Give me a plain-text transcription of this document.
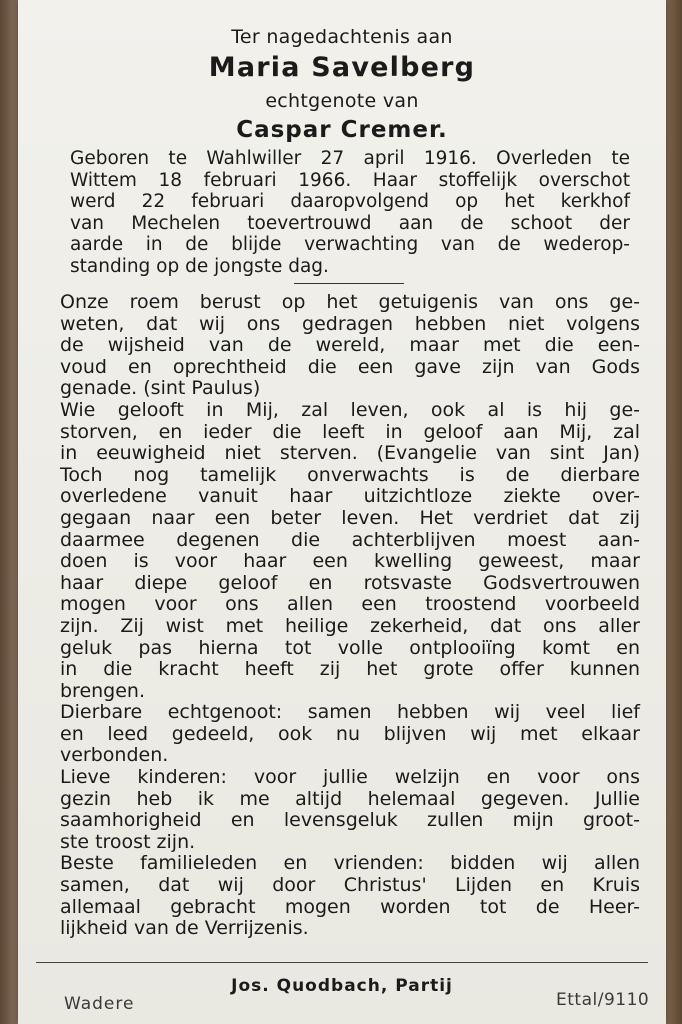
Ter nagedachtenis aan
Maria Savelberg
echtgenote van
Caspar Cremer.
Geboren te Wahlwiller 27 april 1916. Overleden te
Wittem 18 februari 1966. Haar stoffelijk overschot
werd 22 februari daaropvolgend op het kerkhof
van Mechelen toevertrouwd aan de schoot der
aarde in de blijde verwachting van de wederop-
standing op de jongste dag.
Onze roem berust op het getuigenis van ons ge-
weten, dat wij ons gedragen hebben niet volgens
de wijsheid van de wereld, maar met die een-
voud en oprechtheid die een gave zijn van Gods
genade. (sint Paulus)
Wie gelooft in Mij, zal leven, ook al is hij ge-
storven, en ieder die leeft in geloof aan Mij, zal
in eeuwigheid niet sterven. (Evangelie van sint Jan)
Toch nog tamelijk onverwachts is de dierbare
overledene vanuit haar uitzichtloze ziekte over-
gegaan naar een beter leven. Het verdriet dat zij
daarmee degenen die achterblijven moest aan-
doen is voor haar een kwelling geweest, maar
haar diepe geloof en rotsvaste Godsvertrouwen
mogen voor ons allen een troostend voorbeeld
zijn. Zij wist met heilige zekerheid, dat ons aller
geluk pas hierna tot volle ontplooiïng komt en
in die kracht heeft zij het grote offer kunnen
brengen.
Dierbare echtgenoot: samen hebben wij veel lief
en leed gedeeld, ook nu blijven wij met elkaar
verbonden.
Lieve kinderen: voor jullie welzijn en voor ons
gezin heb ik me altijd helemaal gegeven. Jullie
saamhorigheid en levensgeluk zullen mijn groot-
ste troost zijn.
Beste familieleden en vrienden: bidden wij allen
samen, dat wij door Christus' Lijden en Kruis
allemaal gebracht mogen worden tot de Heer-
lijkheid van de Verrijzenis.
Jos. Quodbach, Partij
Wadere	Ettal/9110
